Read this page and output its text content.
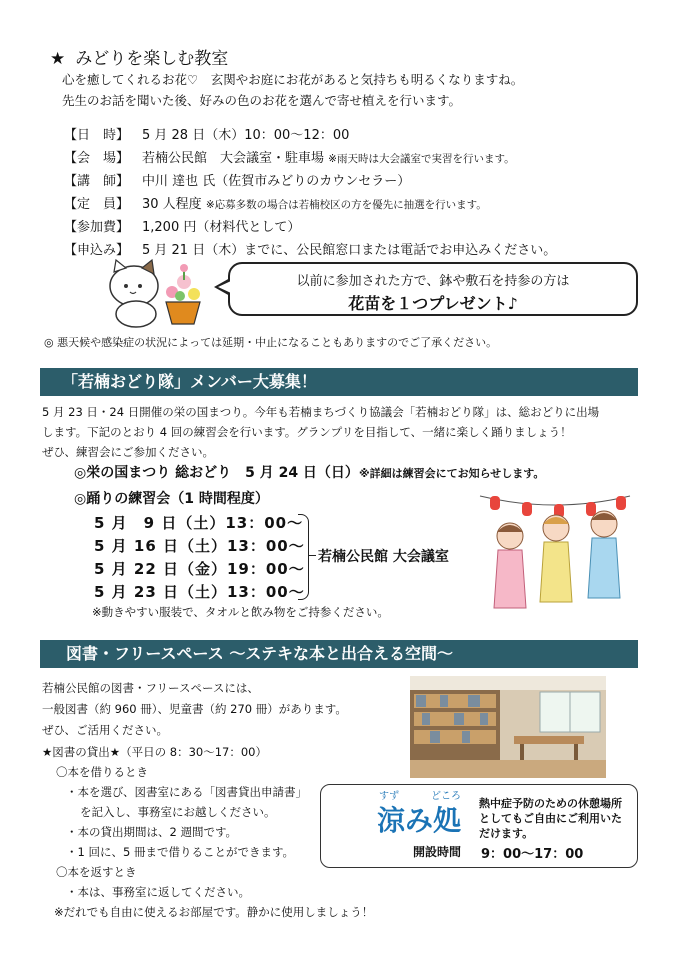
★ みどりを楽しむ教室
心を癒してくれるお花♡　玄関やお庭にお花があると気持ちも明るくなりますね。
先生のお話を聞いた後、好みの色のお花を選んで寄せ植えを行います。
【日　時】 5 月 28 日（木）10：00～12：00
【会　場】 若楠公民館　大会議室・駐車場 ※雨天時は大会議室で実習を行います。
【講　師】 中川 達也 氏（佐賀市みどりのカウンセラー）
【定　員】 30 人程度 ※応募多数の場合は若楠校区の方を優先に抽選を行います。
【参加費】 1,200 円（材料代として）
【申込み】 5 月 21 日（木）までに、公民館窓口または電話でお申込みください。
以前に参加された方で、鉢や敷石を持参の方は
花苗を１つプレゼント♪
◎ 悪天候や感染症の状況によっては延期・中止になることもありますのでご了承ください。
「若楠おどり隊」メンバー大募集！
5 月 23 日・24 日開催の栄の国まつり。今年も若楠まちづくり協議会「若楠おどり隊」は、総おどりに出場
します。下記のとおり 4 回の練習会を行います。グランプリを目指して、一緒に楽しく踊りましょう！
ぜひ、練習会にご参加ください。
◎栄の国まつり 総おどり　5 月 24 日（日）※詳細は練習会にてお知らせします。
◎踊りの練習会（1 時間程度）
5 月　9 日（土）13：00～
5 月 16 日（土）13：00～
5 月 22 日（金）19：00～
5 月 23 日（土）13：00～
若楠公民館 大会議室
※動きやすい服装で、タオルと飲み物をご持参ください。
図書・フリースペース ～ステキな本と出合える空間～
若楠公民館の図書・フリースペースには、
一般図書（約 960 冊）、児童書（約 270 冊）があります。
ぜひ、ご活用ください。
★図書の貸出★（平日の 8：30～17：00）
〇本を借りるとき
・本を選び、図書室にある「図書貸出申請書」
を記入し、事務室にお越しください。
・本の貸出期間は、2 週間です。
・1 回に、5 冊まで借りることができます。
〇本を返すとき
・本は、事務室に返してください。
※だれでも自由に使えるお部屋です。静かに使用しましょう！
すず	どころ
涼み処
熱中症予防のための休憩場所
としてもご自由にご利用いた
だけます。
開設時間 9：00～17：00
